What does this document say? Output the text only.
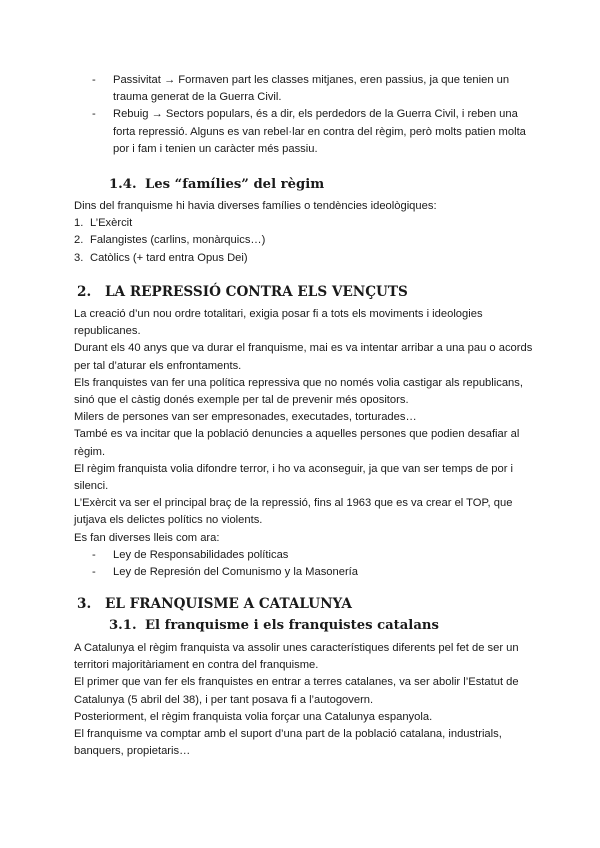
- Passivitat → Formaven part les classes mitjanes, eren passius, ja que tenien un trauma generat de la Guerra Civil.
- Rebuig → Sectors populars, és a dir, els perdedors de la Guerra Civil, i reben una forta repressió. Alguns es van rebel·lar en contra del règim, però molts patien molta por i fam i tenien un caràcter més passiu.
1.4. Les “famílies” del règim

Dins del franquisme hi havia diverses famílies o tendències ideològiques:

1. L’Exèrcit
2. Falangistes (carlins, monàrquics…)
3. Catòlics (+ tard entra Opus Dei)
2. LA REPRESSIÓ CONTRA ELS VENÇUTS

La creació d’un nou ordre totalitari, exigia posar fi a tots els moviments i ideologies republicanes.

Durant els 40 anys que va durar el franquisme, mai es va intentar arribar a una pau o acords per tal d’aturar els enfrontaments.

Els franquistes van fer una política repressiva que no només volia castigar als republicans, sinó que el càstig donés exemple per tal de prevenir més opositors.

Milers de persones van ser empresonades, executades, torturades…

També es va incitar que la població denuncies a aquelles persones que podien desafiar al règim.

El règim franquista volia difondre terror, i ho va aconseguir, ja que van ser temps de por i silenci.

L’Exèrcit va ser el principal braç de la repressió, fins al 1963 que es va crear el TOP, que jutjava els delictes polítics no violents.

Es fan diverses lleis com ara:

- Ley de Responsabilidades políticas
- Ley de Represión del Comunismo y la Masonería
3. EL FRANQUISME A CATALUNYA
3.1. El franquisme i els franquistes catalans

A Catalunya el règim franquista va assolir unes característiques diferents pel fet de ser un territori majoritàriament en contra del franquisme.

El primer que van fer els franquistes en entrar a terres catalanes, va ser abolir l’Estatut de Catalunya (5 abril del 38), i per tant posava fi a l’autogovern.

Posteriorment, el règim franquista volia forçar una Catalunya espanyola.

El franquisme va comptar amb el suport d’una part de la població catalana, industrials, banquers, propietaris…
